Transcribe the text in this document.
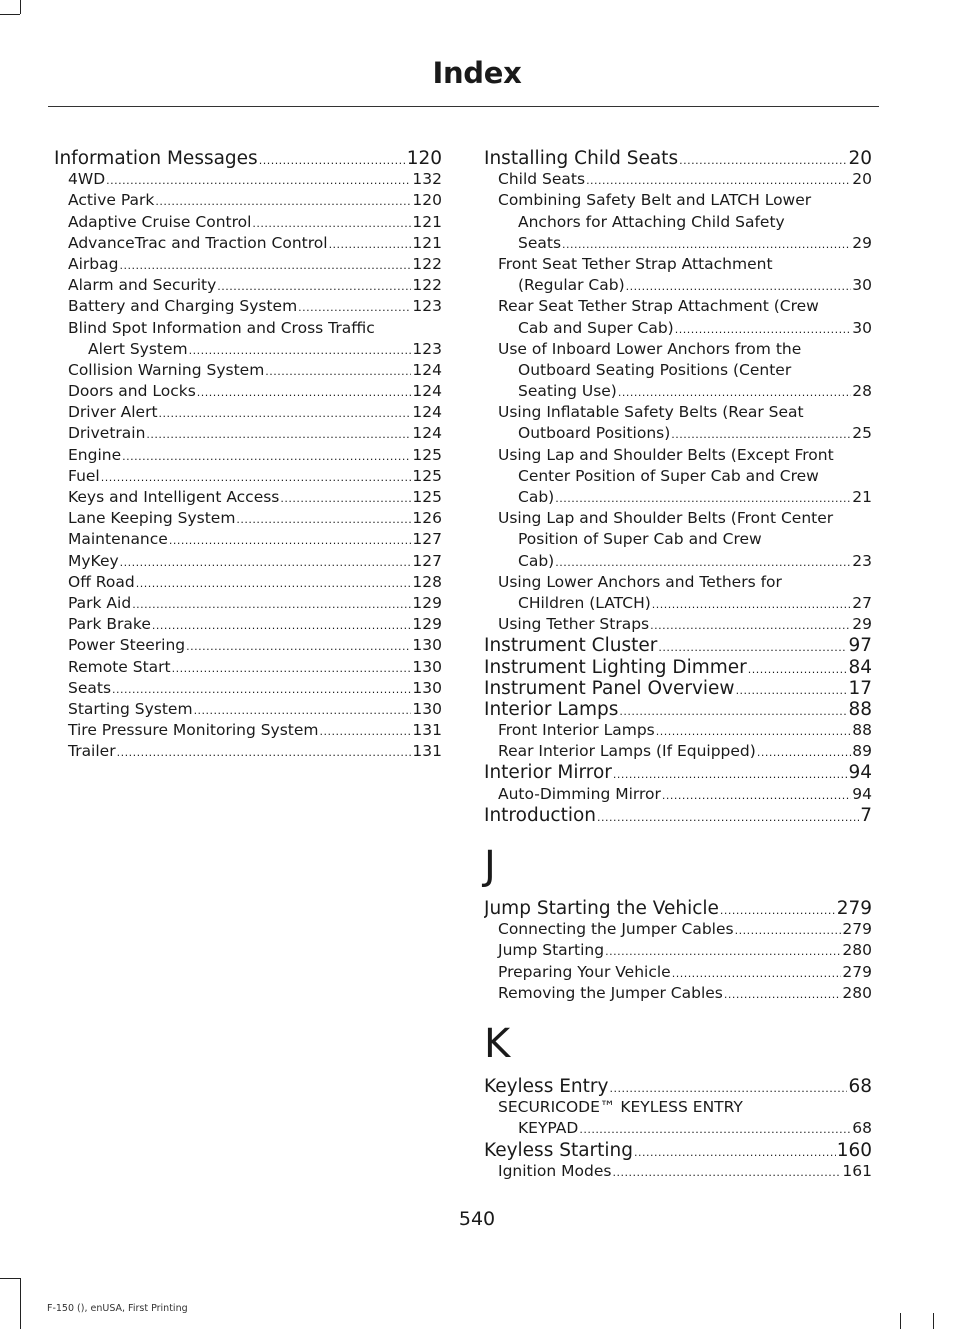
Index
Information Messages .....	120
4WD .....	132
Active Park .....	120
Adaptive Cruise Control .....	121
AdvanceTrac and Traction Control .....	121
Airbag .....	122
Alarm and Security .....	122
Battery and Charging System .....	123
Blind Spot Information and Cross Traffic
Alert System .....	123
Collision Warning System .....	124
Doors and Locks .....	124
Driver Alert .....	124
Drivetrain .....	124
Engine .....	125
Fuel .....	125
Keys and Intelligent Access .....	125
Lane Keeping System .....	126
Maintenance .....	127
MyKey .....	127
Off Road .....	128
Park Aid .....	129
Park Brake .....	129
Power Steering .....	130
Remote Start .....	130
Seats .....	130
Starting System .....	130
Tire Pressure Monitoring System .....	131
Trailer .....	131
Installing Child Seats .....	20
Child Seats .....	20
Combining Safety Belt and LATCH Lower
Anchors for Attaching Child Safety
Seats .....	29
Front Seat Tether Strap Attachment
(Regular Cab) .....	30
Rear Seat Tether Strap Attachment (Crew
Cab and Super Cab) .....	30
Use of Inboard Lower Anchors from the
Outboard Seating Positions (Center
Seating Use) .....	28
Using Inflatable Safety Belts (Rear Seat
Outboard Positions) .....	25
Using Lap and Shoulder Belts (Except Front
Center Position of Super Cab and Crew
Cab) .....	21
Using Lap and Shoulder Belts (Front Center
Position of Super Cab and Crew
Cab) .....	23
Using Lower Anchors and Tethers for
CHildren (LATCH) .....	27
Using Tether Straps .....	29
Instrument Cluster .....	97
Instrument Lighting Dimmer .....	84
Instrument Panel Overview .....	17
Interior Lamps .....	88
Front Interior Lamps .....	88
Rear Interior Lamps (If Equipped) .....	89
Interior Mirror .....	94
Auto-Dimming Mirror .....	94
Introduction .....	7
J
Jump Starting the Vehicle .....	279
Connecting the Jumper Cables .....	279
Jump Starting .....	280
Preparing Your Vehicle .....	279
Removing the Jumper Cables .....	280
K
Keyless Entry .....	68
SECURICODE™ KEYLESS ENTRY
KEYPAD .....	68
Keyless Starting .....	160
Ignition Modes .....	161
540
F-150 (), enUSA, First Printing
